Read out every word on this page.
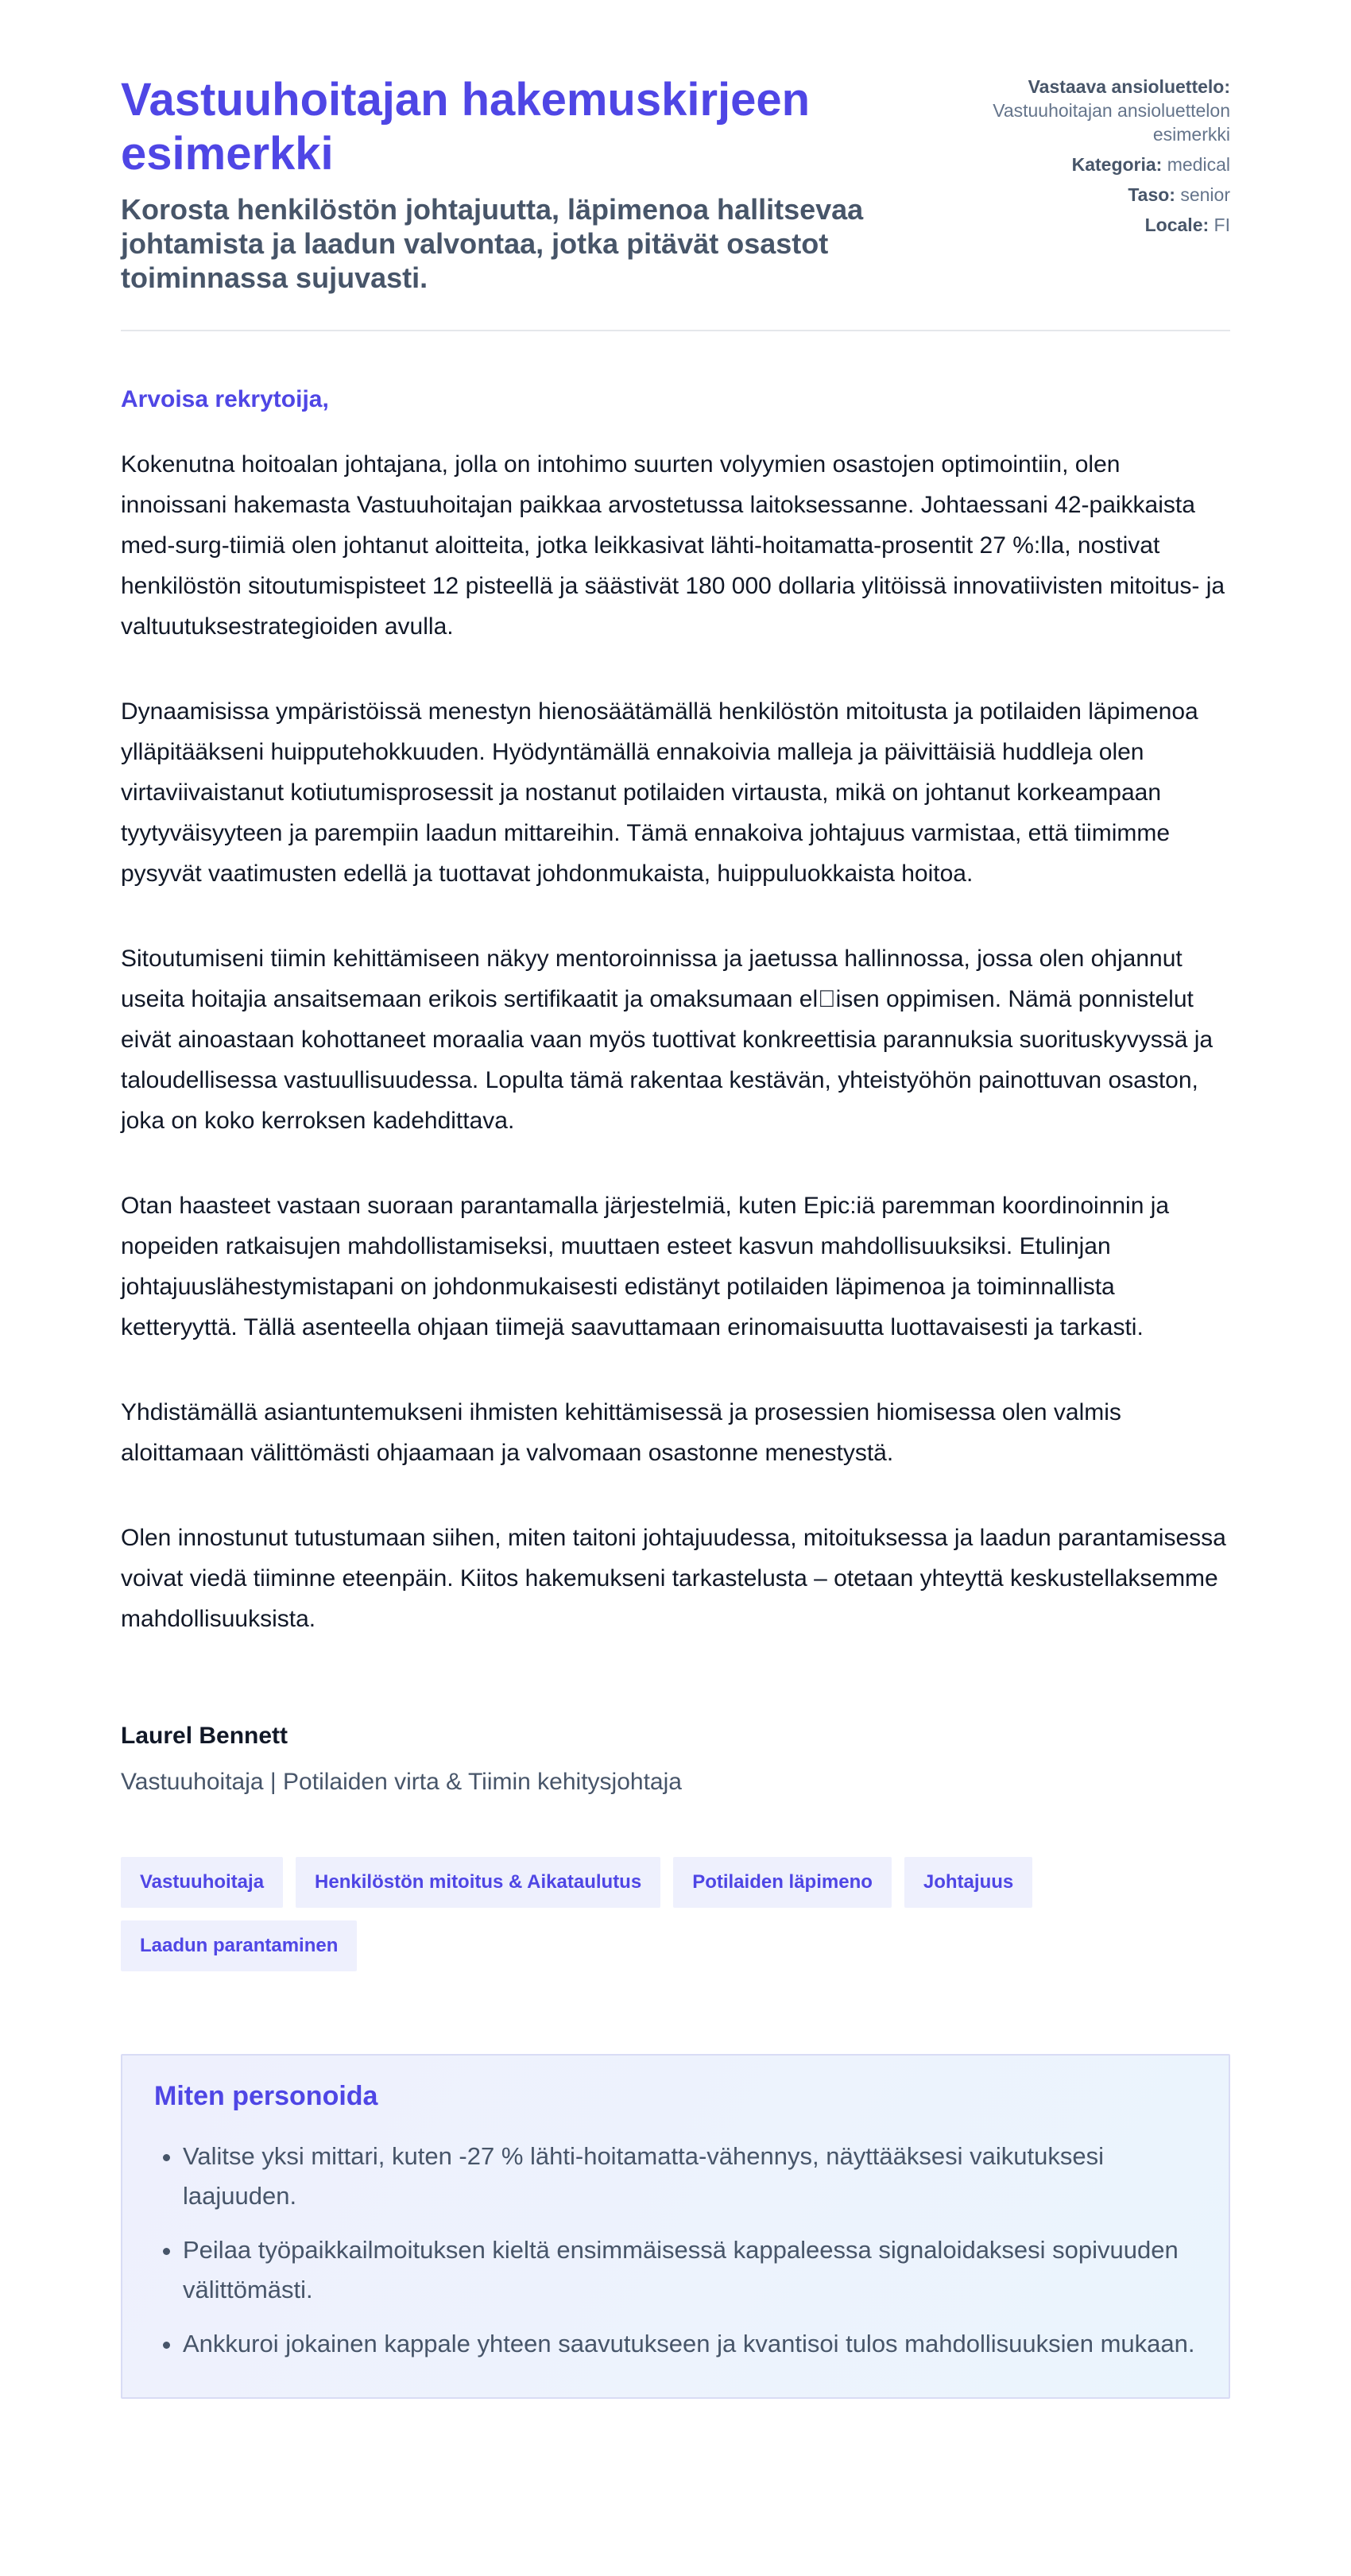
Vastuuhoitajan hakemuskirjeen esimerkki
Korosta henkilöstön johtajuutta, läpimenoa hallitsevaa johtamista ja laadun valvontaa, jotka pitävät osastot toiminnassa sujuvasti.
Vastaava ansioluettelo:
Vastuuhoitajan ansioluettelon esimerkki
Kategoria: medical
Taso: senior
Locale: FI
Arvoisa rekrytoija,

Kokenutna hoitoalan johtajana, jolla on intohimo suurten volyymien osastojen optimointiin, olen innoissani hakemasta Vastuuhoitajan paikkaa arvostetussa laitoksessanne. Johtaessani 42-paikkaista med-surg-tiimiä olen johtanut aloitteita, jotka leikkasivat lähti-hoitamatta-prosentit 27 %:lla, nostivat henkilöstön sitoutumispisteet 12 pisteellä ja säästivät 180 000 dollaria ylitöissä innovatiivisten mitoitus- ja valtuutuksestrategioiden avulla.

Dynaamisissa ympäristöissä menestyn hienosäätämällä henkilöstön mitoitusta ja potilaiden läpimenoa ylläpitääkseni huipputehokkuuden. Hyödyntämällä ennakoivia malleja ja päivittäisiä huddleja olen virtaviivaistanut kotiutumisprosessit ja nostanut potilaiden virtausta, mikä on johtanut korkeampaan tyytyväisyyteen ja parempiin laadun mittareihin. Tämä ennakoiva johtajuus varmistaa, että tiimimme pysyvät vaatimusten edellä ja tuottavat johdonmukaista, huippuluokkaista hoitoa.

Sitoutumiseni tiimin kehittämiseen näkyy mentoroinnissa ja jaetussa hallinnossa, jossa olen ohjannut useita hoitajia ansaitsemaan erikois sertifikaatit ja omaksumaan el isen oppimisen. Nämä ponnistelut eivät ainoastaan kohottaneet moraalia vaan myös tuottivat konkreettisia parannuksia suorituskyvyssä ja taloudellisessa vastuullisuudessa. Lopulta tämä rakentaa kestävän, yhteistyöhön painottuvan osaston, joka on koko kerroksen kadehdittava.

Otan haasteet vastaan suoraan parantamalla järjestelmiä, kuten Epic:iä paremman koordinoinnin ja nopeiden ratkaisujen mahdollistamiseksi, muuttaen esteet kasvun mahdollisuuksiksi. Etulinjan johtajuuslähestymistapani on johdonmukaisesti edistänyt potilaiden läpimenoa ja toiminnallista ketteryyttä. Tällä asenteella ohjaan tiimejä saavuttamaan erinomaisuutta luottavaisesti ja tarkasti.

Yhdistämällä asiantuntemukseni ihmisten kehittämisessä ja prosessien hiomisessa olen valmis aloittamaan välittömästi ohjaamaan ja valvomaan osastonne menestystä.

Olen innostunut tutustumaan siihen, miten taitoni johtajuudessa, mitoituksessa ja laadun parantamisessa voivat viedä tiiminne eteenpäin. Kiitos hakemukseni tarkastelusta – otetaan yhteyttä keskustellaksemme mahdollisuuksista.

Laurel Bennett
Vastuuhoitaja | Potilaiden virta & Tiimin kehitysjohtaja
Vastuuhoitaja	Henkilöstön mitoitus & Aikataulutus	Potilaiden läpimeno	Johtajuus
Laadun parantaminen
Miten personoida
• Valitse yksi mittari, kuten -27 % lähti-hoitamatta-vähennys, näyttääksesi vaikutuksesi laajuuden.
• Peilaa työpaikkailmoituksen kieltä ensimmäisessä kappaleessa signaloidaksesi sopivuuden välittömästi.
• Ankkuroi jokainen kappale yhteen saavutukseen ja kvantisoi tulos mahdollisuuksien mukaan.
